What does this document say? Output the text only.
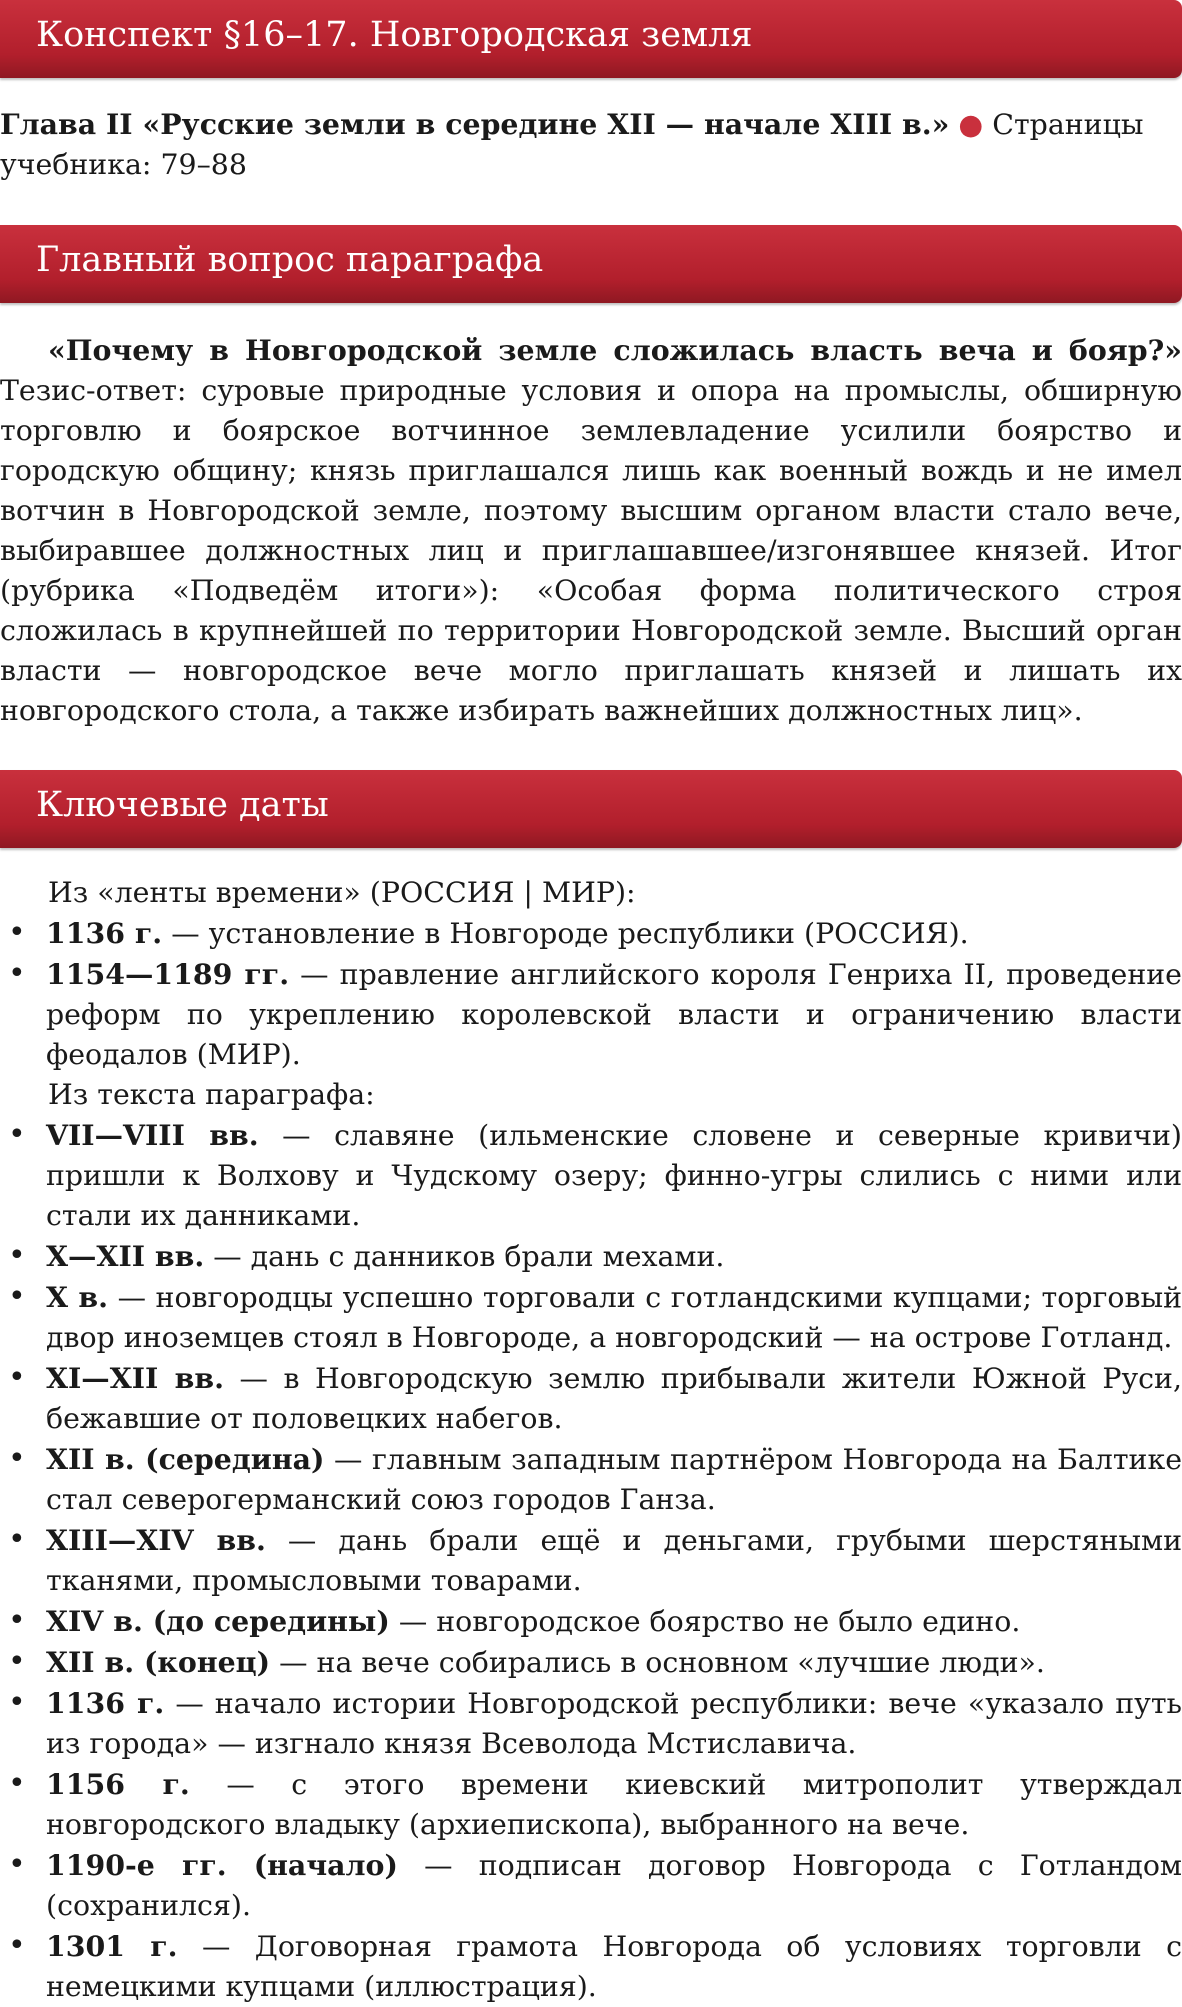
Конспект §16–17. Новгородская земля
Глава II «Русские земли в середине XII — начале XIII в.» ● Страницы учебника: 79–88
Главный вопрос параграфа
«Почему в Новгородской земле сложилась власть веча и бояр?» Тезис-ответ: суровые природные условия и опора на промыслы, обширную торговлю и боярское вотчинное землевладение усилили боярство и городскую общину; князь приглашался лишь как военный вождь и не имел вотчин в Новгородской земле, поэтому высшим органом власти стало вече, выбиравшее должностных лиц и приглашавшее/изгонявшее князей. Итог (рубрика «Подведём итоги»): «Особая форма политического строя сложилась в крупнейшей по территории Новгородской земле. Высший орган власти — новгородское вече могло приглашать князей и лишать их новгородского стола, а также избирать важнейших должностных лиц».
Ключевые даты
Из «ленты времени» (РОССИЯ | МИР):
• 1136 г. — установление в Новгороде республики (РОССИЯ).
• 1154—1189 гг. — правление английского короля Генриха II, проведение реформ по укреплению королевской власти и ограничению власти феодалов (МИР).
Из текста параграфа:
• VII—VIII вв. — славяне (ильменские словене и северные кривичи) пришли к Волхову и Чудскому озеру; финно-угры слились с ними или стали их данниками.
• X—XII вв. — дань с данников брали мехами.
• X в. — новгородцы успешно торговали с готландскими купцами; торговый двор иноземцев стоял в Новгороде, а новгородский — на острове Готланд.
• XI—XII вв. — в Новгородскую землю прибывали жители Южной Руси, бежавшие от половецких набегов.
• XII в. (середина) — главным западным партнёром Новгорода на Балтике стал северогерманский союз городов Ганза.
• XIII—XIV вв. — дань брали ещё и деньгами, грубыми шерстяными тканями, промысловыми товарами.
• XIV в. (до середины) — новгородское боярство не было едино.
• XII в. (конец) — на вече собирались в основном «лучшие люди».
• 1136 г. — начало истории Новгородской республики: вече «указало путь из города» — изгнало князя Всеволода Мстиславича.
• 1156 г. — с этого времени киевский митрополит утверждал новгородского владыку (архиепископа), выбранного на вече.
• 1190-е гг. (начало) — подписан договор Новгорода с Готландом (сохранился).
• 1301 г. — Договорная грамота Новгорода об условиях торговли с немецкими купцами (иллюстрация).
